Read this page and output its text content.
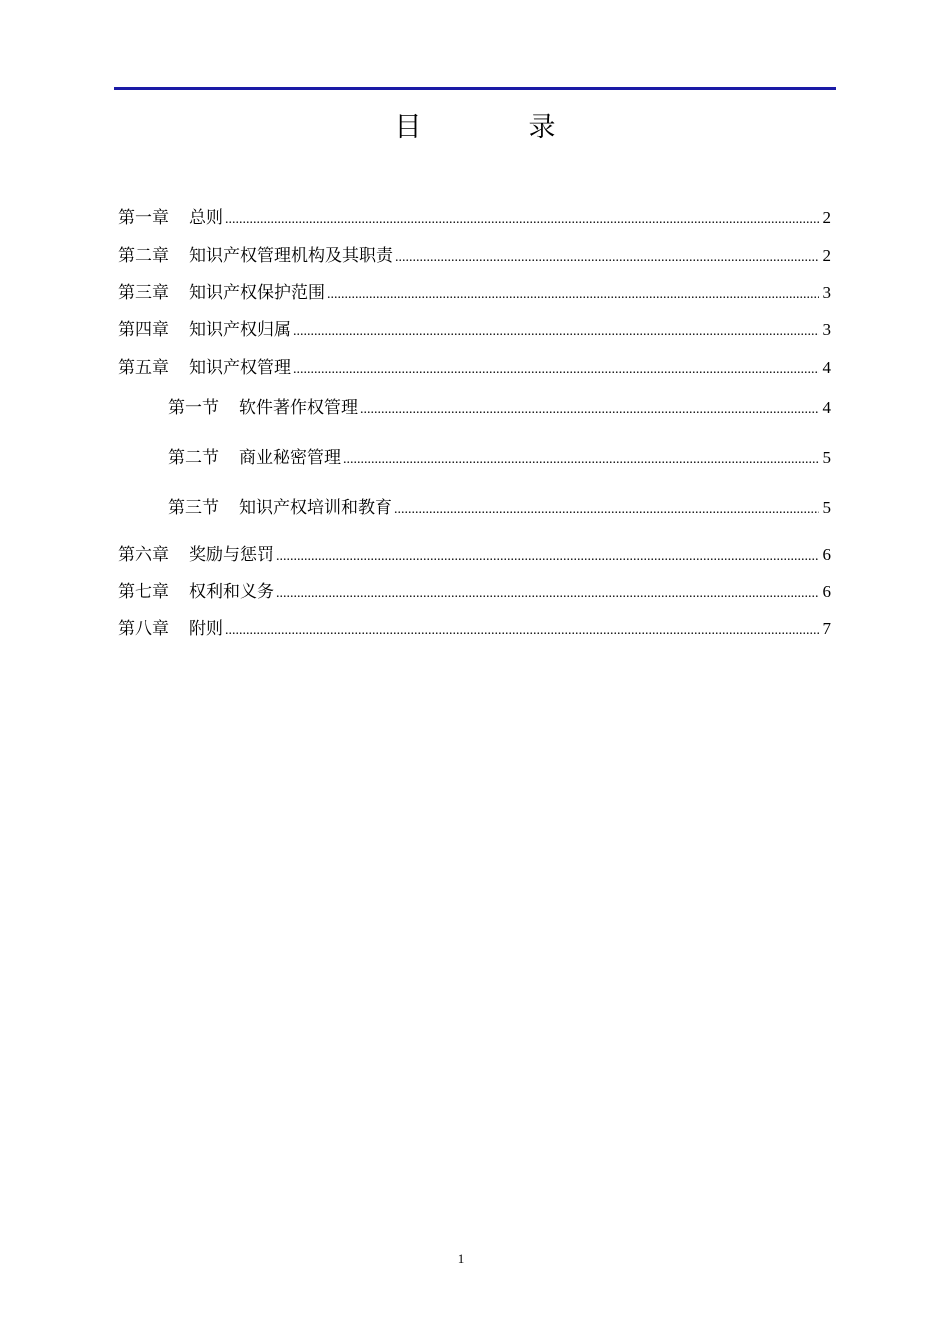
目　录
第一章 总则 .....	2
第二章 知识产权管理机构及其职责 .....	2
第三章 知识产权保护范围 .....	3
第四章 知识产权归属 .....	3
第五章 知识产权管理 .....	4
第一节 软件著作权管理 .....	4
第二节 商业秘密管理 .....	5
第三节 知识产权培训和教育 .....	5
第六章 奖励与惩罚 .....	6
第七章 权利和义务 .....	6
第八章 附则 .....	7
1
